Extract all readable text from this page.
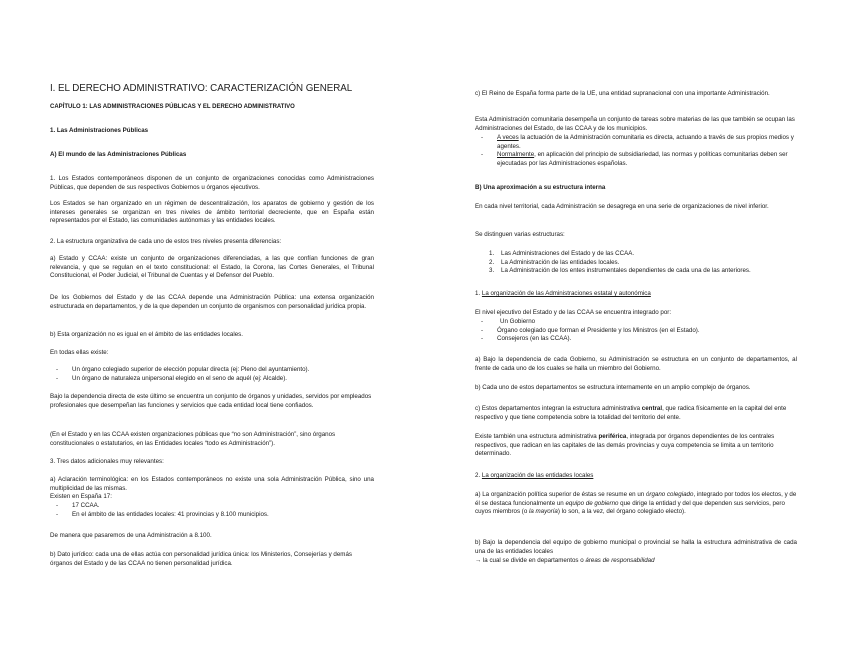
I. EL DERECHO ADMINISTRATIVO: CARACTERIZACIÓN GENERAL

CAPÍTULO 1: LAS ADMINISTRACIONES PÚBLICAS Y EL DERECHO ADMINISTRATIVO

1. Las Administraciones Públicas

A) El mundo de las Administraciones Públicas

1. Los Estados contemporáneos disponen de un conjunto de organizaciones conocidas como Administraciones Públicas, que dependen de sus respectivos Gobiernos u órganos ejecutivos.

Los Estados se han organizado en un régimen de descentralización, los aparatos de gobierno y gestión de los intereses generales se organizan en tres niveles de ámbito territorial decreciente, que en España están representados por el Estado, las comunidades autónomas y las entidades locales.

2. La estructura organizativa de cada uno de estos tres niveles presenta diferencias:

a) Estado y CCAA: existe un conjunto de organizaciones diferenciadas, a las que confían funciones de gran relevancia, y que se regulan en el texto constitucional: el Estado, la Corona, las Cortes Generales, el Tribunal Constitucional, el Poder Judicial, el Tribunal de Cuentas y el Defensor del Pueblo.

De los Gobiernos del Estado y de las CCAA depende una Administración Pública: una extensa organización estructurada en departamentos, y de la que dependen un conjunto de organismos con personalidad jurídica propia.

b) Esta organización no es igual en el ámbito de las entidades locales.

En todas ellas existe:

- Un órgano colegiado superior de elección popular directa (ej: Pleno del ayuntamiento).
- Un órgano de naturaleza unipersonal elegido en el seno de aquél (ej: Alcalde).

Bajo la dependencia directa de este último se encuentra un conjunto de órganos y unidades, servidos por empleados profesionales que desempeñan las funciones y servicios que cada entidad local tiene confiados.

(En el Estado y en las CCAA existen organizaciones públicas que “no son Administración”, sino órganos constitucionales o estatutarios, en las Entidades locales “todo es Administración”).

3. Tres datos adicionales muy relevantes:

a) Aclaración terminológica: en los Estados contemporáneos no existe una sola Administración Pública, sino una multiplicidad de las mismas.

Existen en España 17:

- 17 CCAA.
- En el ámbito de las entidades locales: 41 provincias y 8.100 municipios.

De manera que pasaremos de una Administración a 8.100.

b) Dato jurídico: cada una de ellas actúa con personalidad jurídica única: los Ministerios, Consejerías y demás órganos del Estado y de las CCAA no tienen personalidad jurídica.

c) El Reino de España forma parte de la UE, una entidad supranacional con una importante Administración.

Esta Administración comunitaria desempeña un conjunto de tareas sobre materias de las que también se ocupan las Administraciones del Estado, de las CCAA y de los municipios.

- A veces la actuación de la Administración comunitaria es directa, actuando a través de sus propios medios y agentes.
- Normalmente, en aplicación del principio de subsidiariedad, las normas y políticas comunitarias deben ser ejecutadas por las Administraciones españolas.

B) Una aproximación a su estructura interna

En cada nivel territorial, cada Administración se desagrega en una serie de organizaciones de nivel inferior.

Se distinguen varias estructuras:

1. Las Administraciones del Estado y de las CCAA.
2. La Administración de las entidades locales.
3. La Administración de los entes instrumentales dependientes de cada una de las anteriores.

1. La organización de las Administraciones estatal y autonómica

El nivel ejecutivo del Estado y de las CCAA se encuentra integrado por:

- Un Gobierno
- Órgano colegiado que forman el Presidente y los Ministros (en el Estado).
- Consejeros (en las CCAA).

a) Bajo la dependencia de cada Gobierno, su Administración se estructura en un conjunto de departamentos, al frente de cada uno de los cuales se halla un miembro del Gobierno.

b) Cada uno de estos departamentos se estructura internamente en un amplio complejo de órganos.

c) Estos departamentos integran la estructura administrativa central, que radica físicamente en la capital del ente respectivo y que tiene competencia sobre la totalidad del territorio del ente.

Existe también una estructura administrativa periférica, integrada por órganos dependientes de los centrales respectivos, que radican en las capitales de las demás provincias y cuya competencia se limita a un territorio determinado.

2. La organización de las entidades locales

a) La organización política superior de éstas se resume en un órgano colegiado, integrado por todos los electos, y de él se destaca funcionalmente un equipo de gobierno que dirige la entidad y del que dependen sus servicios, pero cuyos miembros (o la mayoría) lo son, a la vez, del órgano colegiado electo).

b) Bajo la dependencia del equipo de gobierno municipal o provincial se halla la estructura administrativa de cada una de las entidades locales

→ la cual se divide en departamentos o áreas de responsabilidad
